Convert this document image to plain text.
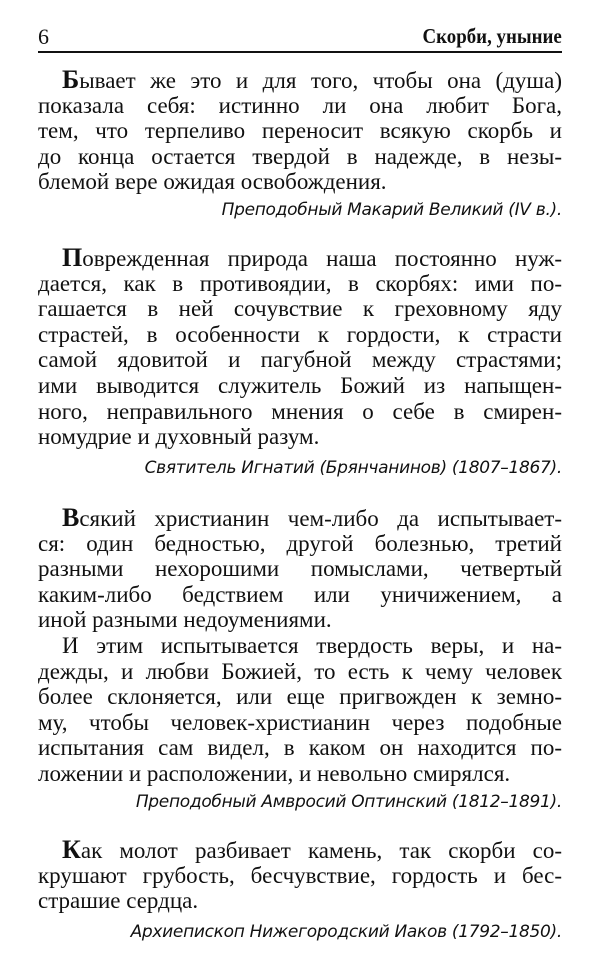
6	Скорби, уныние
Бывает же это и для того, чтобы она (душа)
показала себя: истинно ли она любит Бога,
тем, что терпеливо переносит всякую скорбь и
до конца остается твердой в надежде, в незы-
блемой вере ожидая освобождения.
Преподобный Макарий Великий (IV в.).
Поврежденная природа наша постоянно нуж-
дается, как в противоядии, в скорбях: ими по-
гашается в ней сочувствие к греховному яду
страстей, в особенности к гордости, к страсти
самой ядовитой и пагубной между страстями;
ими выводится служитель Божий из напыщен-
ного, неправильного мнения о себе в смирен-
номудрие и духовный разум.
Святитель Игнатий (Брянчанинов) (1807–1867).
Всякий христианин чем-либо да испытывает-
ся: один бедностью, другой болезнью, третий
разными нехорошими помыслами, четвертый
каким-либо бедствием или уничижением, а
иной разными недоумениями.
И этим испытывается твердость веры, и на-
дежды, и любви Божией, то есть к чему человек
более склоняется, или еще пригвожден к земно-
му, чтобы человек-христианин через подобные
испытания сам видел, в каком он находится по-
ложении и расположении, и невольно смирялся.
Преподобный Амвросий Оптинский (1812–1891).
Как молот разбивает камень, так скорби со-
крушают грубость, бесчувствие, гордость и бес-
страшие сердца.
Архиепископ Нижегородский Иаков (1792–1850).
